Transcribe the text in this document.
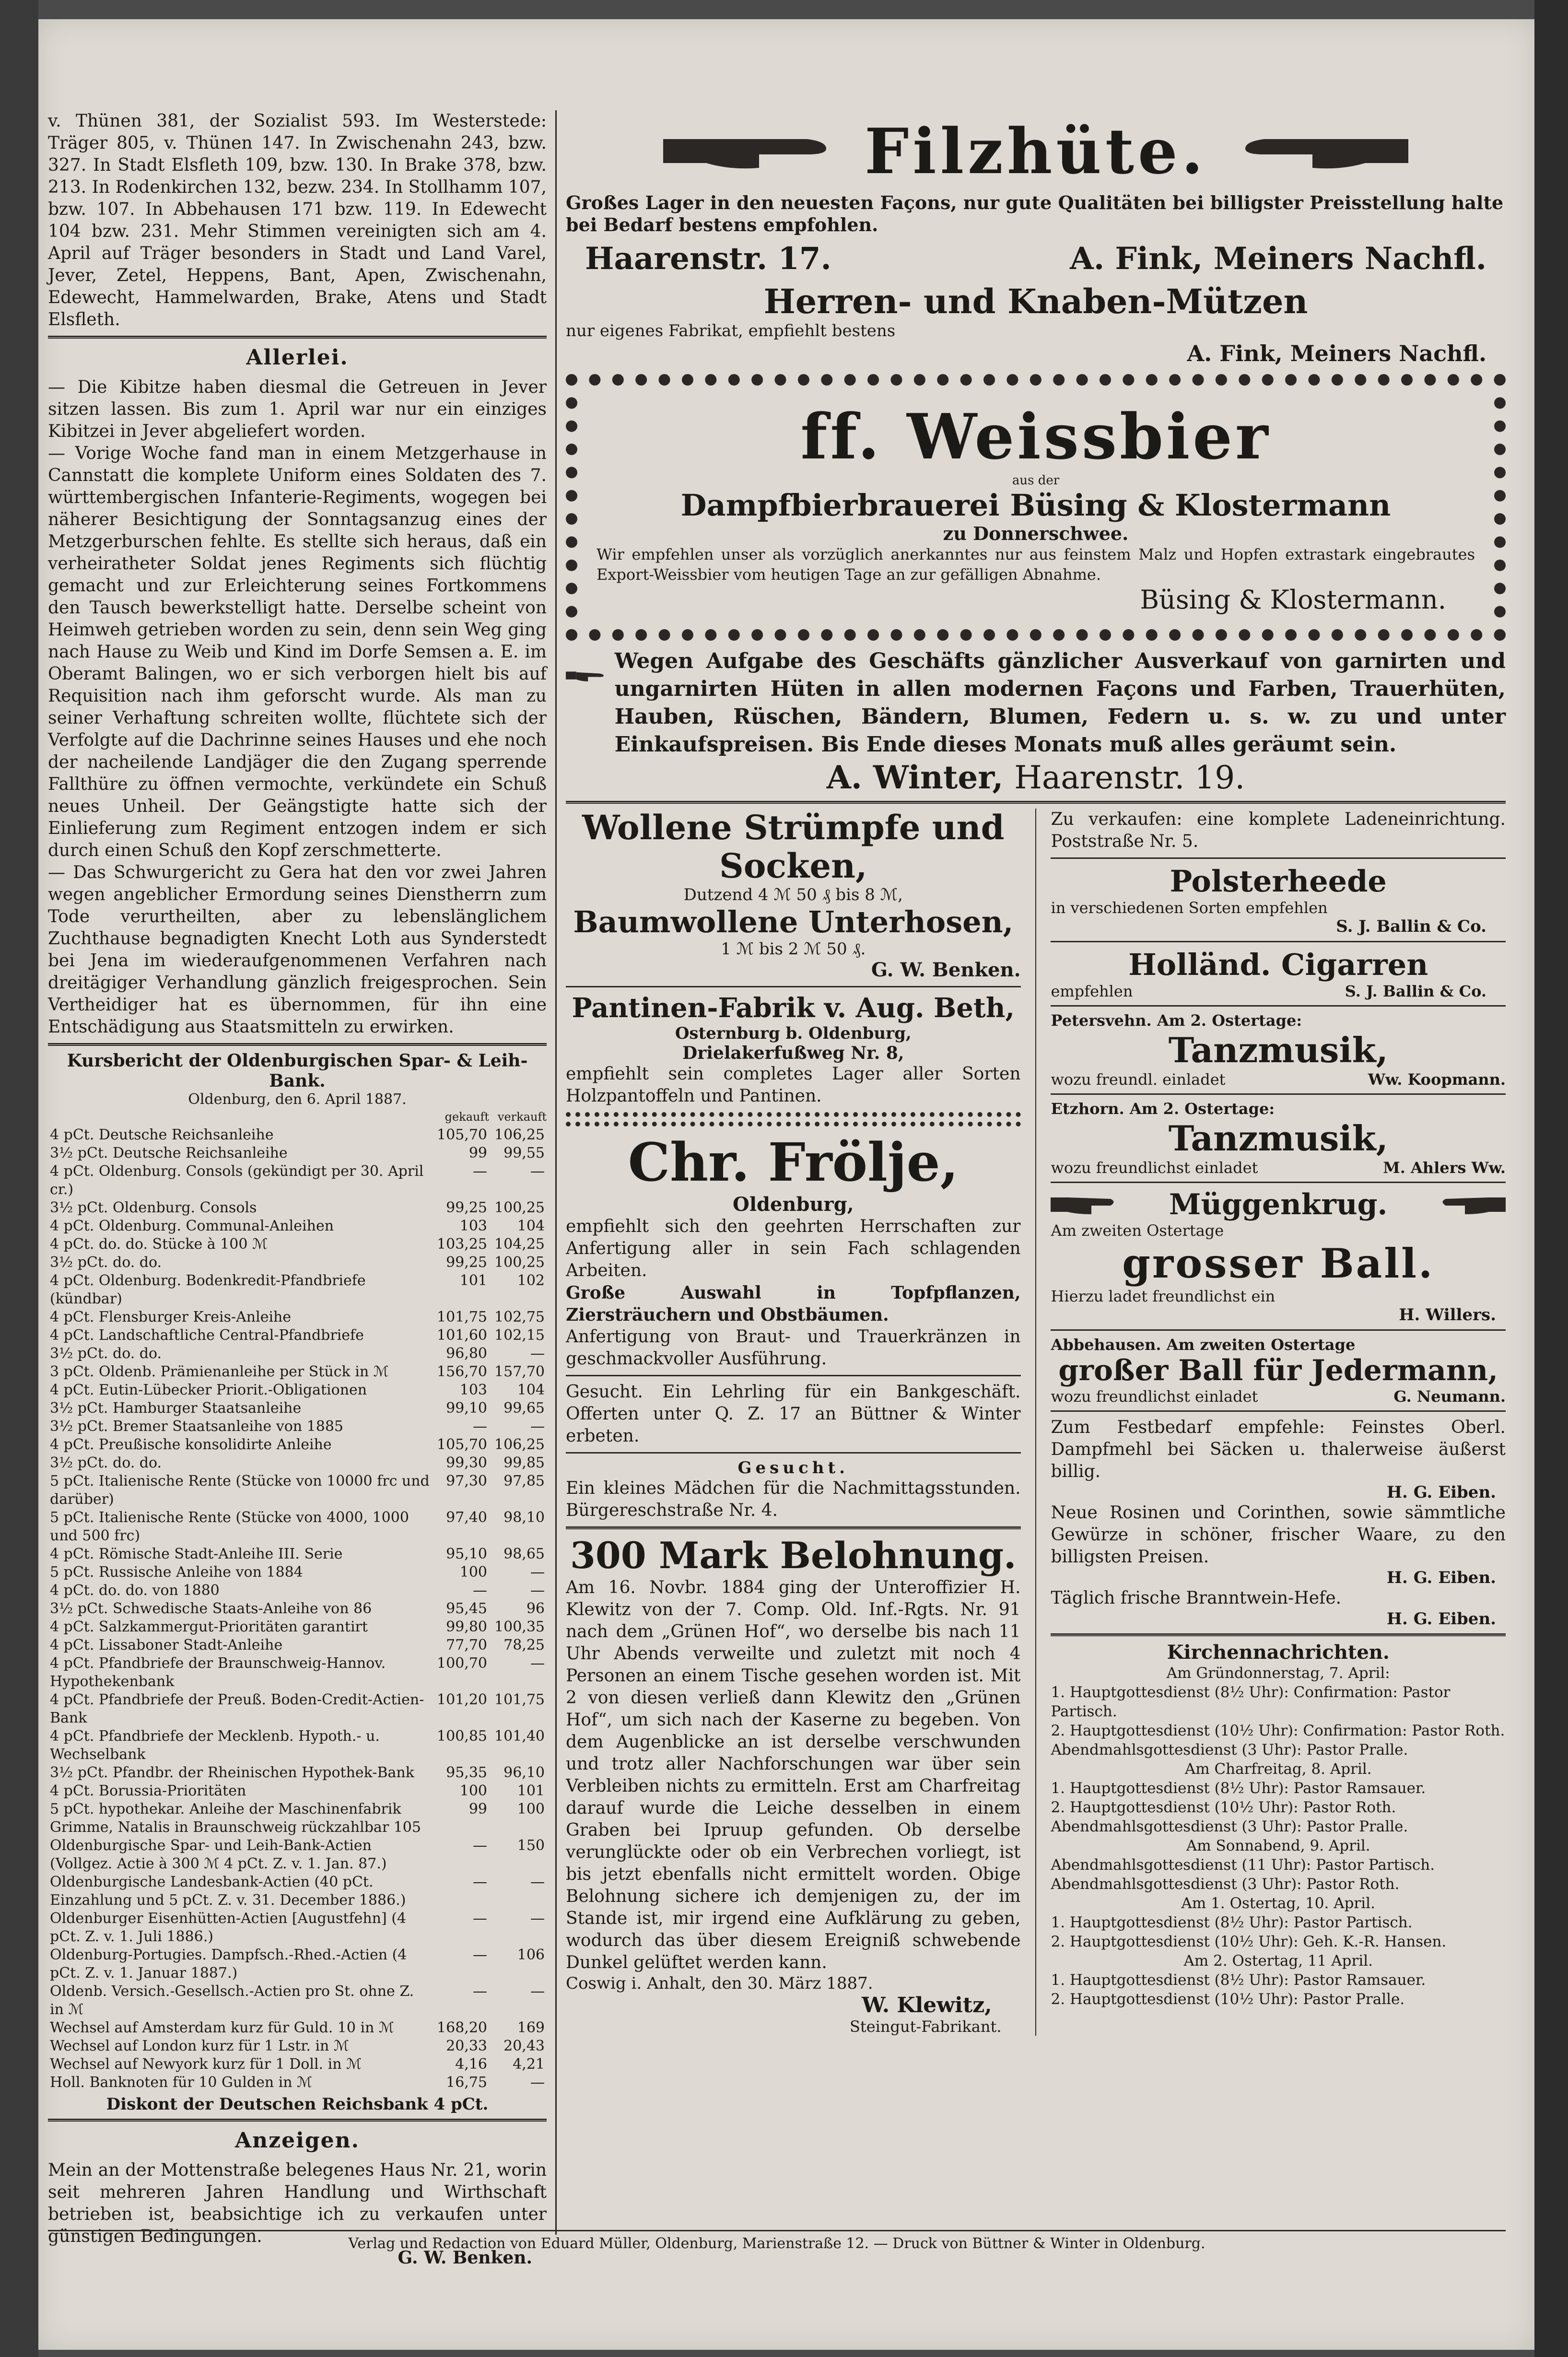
v. Thünen 381, der Sozialist 593. Im Westerstede: Träger 805, v. Thünen 147. In Zwischenahn 243, bzw. 327. In Stadt Elsfleth 109, bzw. 130. In Brake 378, bzw. 213. In Rodenkirchen 132, bezw. 234. In Stollhamm 107, bzw. 107. In Abbehausen 171 bzw. 119. In Edewecht 104 bzw. 231. Mehr Stimmen vereinigten sich am 4. April auf Träger besonders in Stadt und Land Varel, Jever, Zetel, Heppens, Bant, Apen, Zwischenahn, Edewecht, Hammelwarden, Brake, Atens und Stadt Elsfleth.

Allerlei.

— Die Kibitze haben diesmal die Getreuen in Jever sitzen lassen. Bis zum 1. April war nur ein einziges Kibitzei in Jever abgeliefert worden.

— Vorige Woche fand man in einem Metzgerhause in Cannstatt die komplete Uniform eines Soldaten des 7. württembergischen Infanterie-Regiments, wogegen bei näherer Besichtigung der Sonntagsanzug eines der Metzgerburschen fehlte. Es stellte sich heraus, daß ein verheiratheter Soldat jenes Regiments sich flüchtig gemacht und zur Erleichterung seines Fortkommens den Tausch bewerkstelligt hatte. Derselbe scheint von Heimweh getrieben worden zu sein, denn sein Weg ging nach Hause zu Weib und Kind im Dorfe Semsen a. E. im Oberamt Balingen, wo er sich verborgen hielt bis auf Requisition nach ihm geforscht wurde. Als man zu seiner Verhaftung schreiten wollte, flüchtete sich der Verfolgte auf die Dachrinne seines Hauses und ehe noch der nacheilende Landjäger die den Zugang sperrende Fallthüre zu öffnen vermochte, verkündete ein Schuß neues Unheil. Der Geängstigte hatte sich der Einlieferung zum Regiment entzogen indem er sich durch einen Schuß den Kopf zerschmetterte.

— Das Schwurgericht zu Gera hat den vor zwei Jahren wegen angeblicher Ermordung seines Dienstherrn zum Tode verurtheilten, aber zu lebenslänglichem Zuchthause begnadigten Knecht Loth aus Synderstedt bei Jena im wiederaufgenommenen Verfahren nach dreitägiger Verhandlung gänzlich freigesprochen. Sein Vertheidiger hat es übernommen, für ihn eine Entschädigung aus Staatsmitteln zu erwirken.

Kursbericht der Oldenburgischen Spar- & Leih-Bank.
Oldenburg, den 6. April 1887.
	gekauft	verkauft
4 pCt. Deutsche Reichsanleihe	105,70	106,25
3½ pCt. Deutsche Reichsanleihe	99	99,55
4 pCt. Oldenburg. Consols (gekündigt per 30. April cr.)	—	—
3½ pCt. Oldenburg. Consols	99,25	100,25
4 pCt. Oldenburg. Communal-Anleihen	103	104
4 pCt. do. do. Stücke à 100 ℳ	103,25	104,25
3½ pCt. do. do.	99,25	100,25
4 pCt. Oldenburg. Bodenkredit-Pfandbriefe (kündbar)	101	102
4 pCt. Flensburger Kreis-Anleihe	101,75	102,75
4 pCt. Landschaftliche Central-Pfandbriefe	101,60	102,15
3½ pCt. do. do.	96,80	—
3 pCt. Oldenb. Prämienanleihe per Stück in ℳ	156,70	157,70
4 pCt. Eutin-Lübecker Priorit.-Obligationen	103	104
3½ pCt. Hamburger Staatsanleihe	99,10	99,65
3½ pCt. Bremer Staatsanleihe von 1885	—	—
4 pCt. Preußische konsolidirte Anleihe	105,70	106,25
3½ pCt. do. do.	99,30	99,85
5 pCt. Italienische Rente (Stücke von 10000 frc und darüber)	97,30	97,85
5 pCt. Italienische Rente (Stücke von 4000, 1000 und 500 frc)	97,40	98,10
4 pCt. Römische Stadt-Anleihe III. Serie	95,10	98,65
5 pCt. Russische Anleihe von 1884	100	—
4 pCt. do. do. von 1880	—	—
3½ pCt. Schwedische Staats-Anleihe von 86	95,45	96
4 pCt. Salzkammergut-Prioritäten garantirt	99,80	100,35
4 pCt. Lissaboner Stadt-Anleihe	77,70	78,25
4 pCt. Pfandbriefe der Braunschweig-Hannov. Hypothekenbank	100,70	—
4 pCt. Pfandbriefe der Preuß. Boden-Credit-Actien-Bank	101,20	101,75
4 pCt. Pfandbriefe der Mecklenb. Hypoth.- u. Wechselbank	100,85	101,40
3½ pCt. Pfandbr. der Rheinischen Hypothek-Bank	95,35	96,10
4 pCt. Borussia-Prioritäten	100	101
5 pCt. hypothekar. Anleihe der Maschinenfabrik Grimme, Natalis in Braunschweig rückzahlbar 105	99	100
Oldenburgische Spar- und Leih-Bank-Actien (Vollgez. Actie à 300 ℳ 4 pCt. Z. v. 1. Jan. 87.)	—	150
Oldenburgische Landesbank-Actien (40 pCt. Einzahlung und 5 pCt. Z. v. 31. December 1886.)	—	—
Oldenburger Eisenhütten-Actien [Augustfehn] (4 pCt. Z. v. 1. Juli 1886.)	—	—
Oldenburg-Portugies. Dampfsch.-Rhed.-Actien (4 pCt. Z. v. 1. Januar 1887.)	—	106
Oldenb. Versich.-Gesellsch.-Actien pro St. ohne Z. in ℳ	—	—
Wechsel auf Amsterdam kurz für Guld. 10 in ℳ	168,20	169
Wechsel auf London kurz für 1 Lstr. in ℳ	20,33	20,43
Wechsel auf Newyork kurz für 1 Doll. in ℳ	4,16	4,21
Holl. Banknoten für 10 Gulden in ℳ	16,75	—
Diskont der Deutschen Reichsbank 4 pCt.
Anzeigen.

Mein an der Mottenstraße belegenes Haus Nr. 21, worin seit mehreren Jahren Handlung und Wirthschaft betrieben ist, beabsichtige ich zu verkaufen unter günstigen Bedingungen.

G. W. Benken.
Filzhüte.

Großes Lager in den neuesten Façons, nur gute Qualitäten bei billigster Preisstellung halte bei Bedarf bestens empfohlen.

Haarenstr. 17.	A. Fink, Meiners Nachfl.
Herren- und Knaben-Mützen
nur eigenes Fabrikat, empfiehlt bestens
A. Fink, Meiners Nachfl.
ff. Weissbier
aus der
Dampfbierbrauerei Büsing & Klostermann
zu Donnerschwee.

Wir empfehlen unser als vorzüglich anerkanntes nur aus feinstem Malz und Hopfen extrastark eingebrautes Export-Weissbier vom heutigen Tage an zur gefälligen Abnahme.

Büsing & Klostermann.

Wegen Aufgabe des Geschäfts gänzlicher Ausverkauf von garnirten und ungarnirten Hüten in allen modernen Façons und Farben, Trauerhüten, Hauben, Rüschen, Bändern, Blumen, Federn u. s. w. zu und unter Einkaufspreisen. Bis Ende dieses Monats muß alles geräumt sein.

A. Winter, Haarenstr. 19.
Wollene Strümpfe und Socken,
Dutzend 4 ℳ 50 ₰ bis 8 ℳ,
Baumwollene Unterhosen,
1 ℳ bis 2 ℳ 50 ₰.
G. W. Benken.
Pantinen-Fabrik v. Aug. Beth,
Osternburg b. Oldenburg,
Drielakerfußweg Nr. 8,

empfiehlt sein completes Lager aller Sorten Holzpantoffeln und Pantinen.

Chr. Frölje,
Oldenburg,

empfiehlt sich den geehrten Herrschaften zur Anfertigung aller in sein Fach schlagenden Arbeiten.

Große Auswahl in Topfpflanzen, Ziersträuchern und Obstbäumen.

Anfertigung von Braut- und Trauerkränzen in geschmackvoller Ausführung.

Gesucht. Ein Lehrling für ein Bankgeschäft. Offerten unter Q. Z. 17 an Büttner & Winter erbeten.

Gesucht.

Ein kleines Mädchen für die Nachmittagsstunden. Bürgereschstraße Nr. 4.

300 Mark Belohnung.

Am 16. Novbr. 1884 ging der Unteroffizier H. Klewitz von der 7. Comp. Old. Inf.-Rgts. Nr. 91 nach dem „Grünen Hof“, wo derselbe bis nach 11 Uhr Abends verweilte und zuletzt mit noch 4 Personen an einem Tische gesehen worden ist. Mit 2 von diesen verließ dann Klewitz den „Grünen Hof“, um sich nach der Kaserne zu begeben. Von dem Augenblicke an ist derselbe verschwunden und trotz aller Nachforschungen war über sein Verbleiben nichts zu ermitteln. Erst am Charfreitag darauf wurde die Leiche desselben in einem Graben bei Ipruup gefunden. Ob derselbe verunglückte oder ob ein Verbrechen vorliegt, ist bis jetzt ebenfalls nicht ermittelt worden. Obige Belohnung sichere ich demjenigen zu, der im Stande ist, mir irgend eine Aufklärung zu geben, wodurch das über diesem Ereigniß schwebende Dunkel gelüftet werden kann.

Coswig i. Anhalt, den 30. März 1887.
W. Klewitz,
Steingut-Fabrikant.

Zu verkaufen: eine komplete Ladeneinrichtung. Poststraße Nr. 5.

Polsterheede
in verschiedenen Sorten empfehlen
S. J. Ballin & Co.
Holländ. Cigarren
empfehlen	S. J. Ballin & Co.
Petersvehn. Am 2. Ostertage:
Tanzmusik,
wozu freundl. einladet	Ww. Koopmann.
Etzhorn. Am 2. Ostertage:
Tanzmusik,
wozu freundlichst einladet	M. Ahlers Ww.
Müggenkrug.
Am zweiten Ostertage
grosser Ball.
Hierzu ladet freundlichst ein
H. Willers.
Abbehausen. Am zweiten Ostertage
großer Ball für Jedermann,
wozu freundlichst einladet	G. Neumann.

Zum Festbedarf empfehle: Feinstes Oberl. Dampfmehl bei Säcken u. thalerweise äußerst billig.

H. G. Eiben.

Neue Rosinen und Corinthen, sowie sämmtliche Gewürze in schöner, frischer Waare, zu den billigsten Preisen.

H. G. Eiben.

Täglich frische Branntwein-Hefe.

H. G. Eiben.
Kirchennachrichten.
Am Gründonnerstag, 7. April:
1. Hauptgottesdienst (8½ Uhr): Confirmation: Pastor Partisch.
2. Hauptgottesdienst (10½ Uhr): Confirmation: Pastor Roth.
Abendmahlsgottesdienst (3 Uhr): Pastor Pralle.
Am Charfreitag, 8. April.
1. Hauptgottesdienst (8½ Uhr): Pastor Ramsauer.
2. Hauptgottesdienst (10½ Uhr): Pastor Roth.
Abendmahlsgottesdienst (3 Uhr): Pastor Pralle.
Am Sonnabend, 9. April.
Abendmahlsgottesdienst (11 Uhr): Pastor Partisch.
Abendmahlsgottesdienst (3 Uhr): Pastor Roth.
Am 1. Ostertag, 10. April.
1. Hauptgottesdienst (8½ Uhr): Pastor Partisch.
2. Hauptgottesdienst (10½ Uhr): Geh. K.-R. Hansen.
Am 2. Ostertag, 11 April.
1. Hauptgottesdienst (8½ Uhr): Pastor Ramsauer.
2. Hauptgottesdienst (10½ Uhr): Pastor Pralle.
Verlag und Redaction von Eduard Müller, Oldenburg, Marienstraße 12. — Druck von Büttner & Winter in Oldenburg.
